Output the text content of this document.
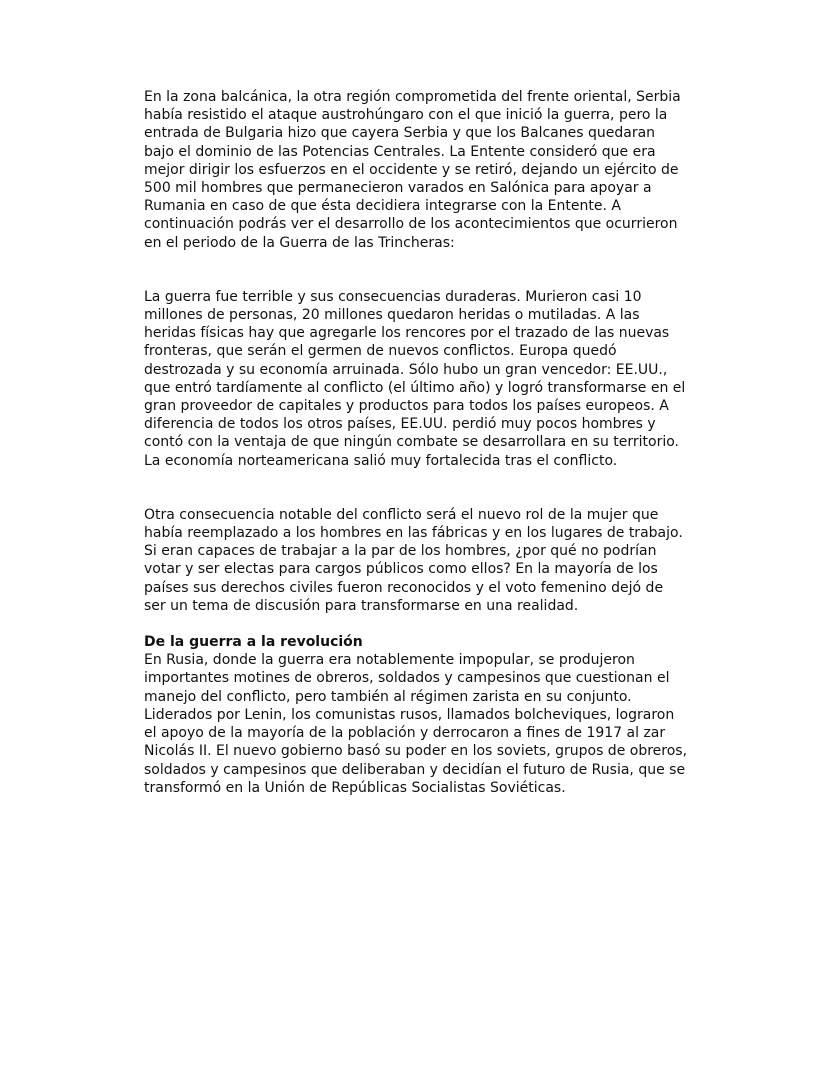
En la zona balcánica, la otra región comprometida del frente oriental, Serbia había resistido el ataque austrohúngaro con el que inició la guerra, pero la entrada de Bulgaria hizo que cayera Serbia y que los Balcanes quedaran bajo el dominio de las Potencias Centrales. La Entente consideró que era mejor dirigir los esfuerzos en el occidente y se retiró, dejando un ejército de 500 mil hombres que permanecieron varados en Salónica para apoyar a Rumania en caso de que ésta decidiera integrarse con la Entente. A continuación podrás ver el desarrollo de los acontecimientos que ocurrieron en el periodo de la Guerra de las Trincheras:

La guerra fue terrible y sus consecuencias duraderas. Murieron casi 10 millones de personas, 20 millones quedaron heridas o mutiladas. A las heridas físicas hay que agregarle los rencores por el trazado de las nuevas fronteras, que serán el germen de nuevos conflictos. Europa quedó destrozada y su economía arruinada. Sólo hubo un gran vencedor: EE.UU., que entró tardíamente al conflicto (el último año) y logró transformarse en el gran proveedor de capitales y productos para todos los países europeos. A diferencia de todos los otros países, EE.UU. perdió muy pocos hombres y contó con la ventaja de que ningún combate se desarrollara en su territorio. La economía norteamericana salió muy fortalecida tras el conflicto.

Otra consecuencia notable del conflicto será el nuevo rol de la mujer que había reemplazado a los hombres en las fábricas y en los lugares de trabajo. Si eran capaces de trabajar a la par de los hombres, ¿por qué no podrían votar y ser electas para cargos públicos como ellos? En la mayoría de los países sus derechos civiles fueron reconocidos y el voto femenino dejó de ser un tema de discusión para transformarse en una realidad.

De la guerra a la revolución

En Rusia, donde la guerra era notablemente impopular, se produjeron importantes motines de obreros, soldados y campesinos que cuestionan el manejo del conflicto, pero también al régimen zarista en su conjunto. Liderados por Lenin, los comunistas rusos, llamados bolcheviques, lograron el apoyo de la mayoría de la población y derrocaron a fines de 1917 al zar Nicolás II. El nuevo gobierno basó su poder en los soviets, grupos de obreros, soldados y campesinos que deliberaban y decidían el futuro de Rusia, que se transformó en la Unión de Repúblicas Socialistas Soviéticas.
